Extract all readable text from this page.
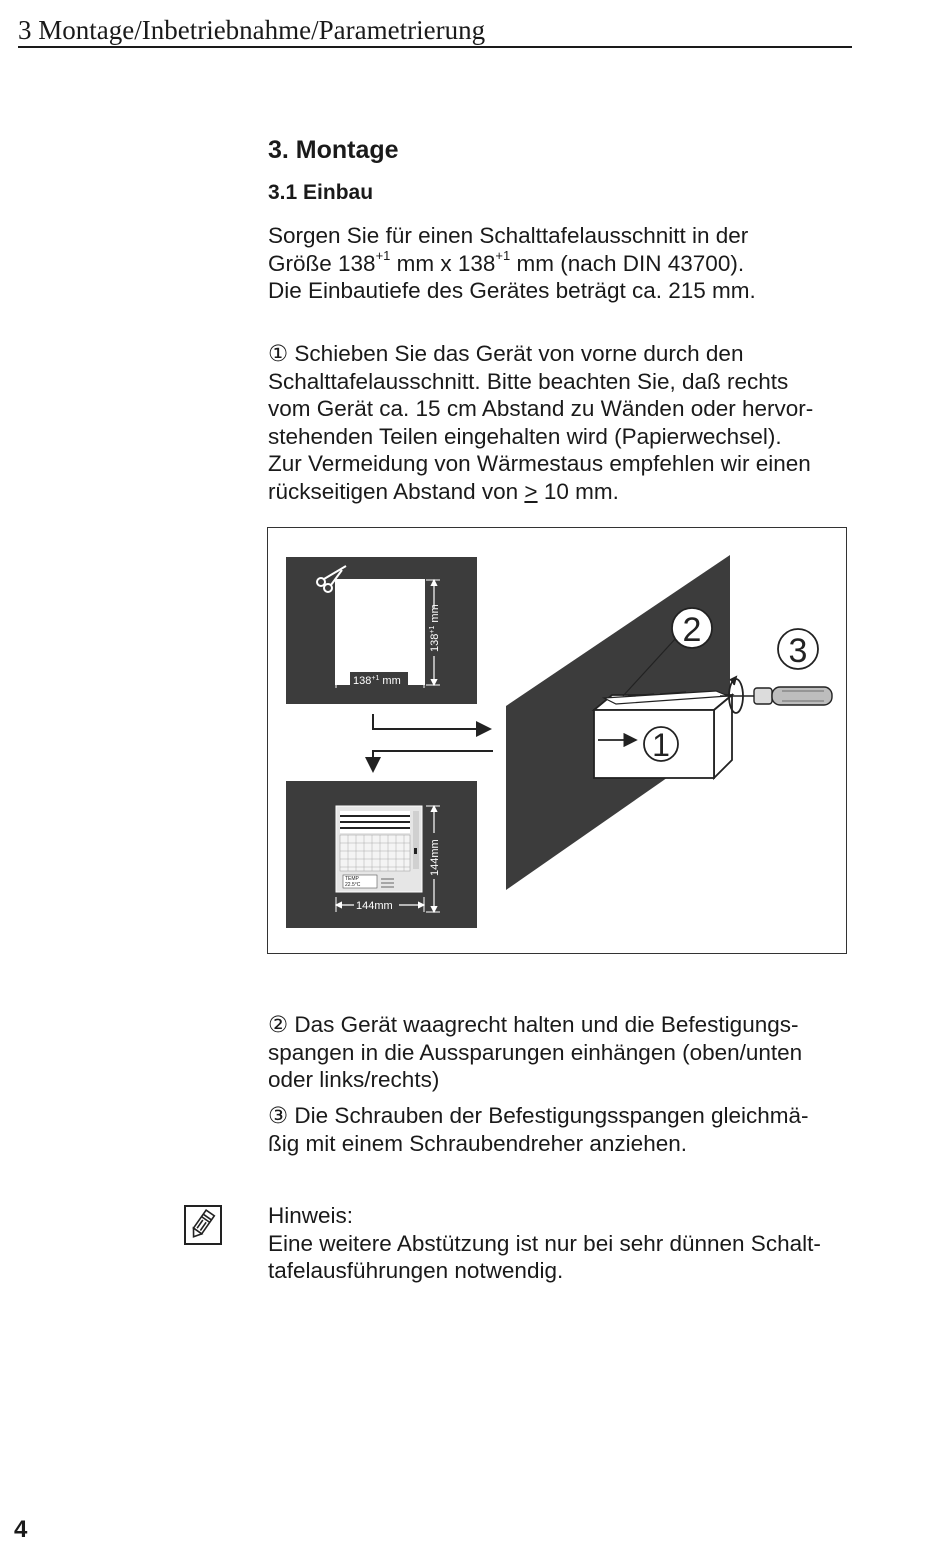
3 Montage/Inbetriebnahme/Parametrierung
3. Montage
3.1 Einbau
Sorgen Sie für einen Schalttafelausschnitt in der
Größe $138^{+1}$ mm x $138^{+1}$ mm (nach DIN 43700).
Die Einbautiefe des Gerätes beträgt ca. 215 mm.
① Schieben Sie das Gerät von vorne durch den
Schalttafelausschnitt. Bitte beachten Sie, daß rechts
vom Gerät ca. 15 cm Abstand zu Wänden oder hervor-
stehenden Teilen eingehalten wird (Papierwechsel).
Zur Vermeidung von Wärmestaus empfehlen wir einen
rückseitigen Abstand von > 10 mm.
$138^{+1}$ mm
$138^{+1}$ mm
TEMP
22.5°C
144mm
144mm
1
2
3
② Das Gerät waagrecht halten und die Befestigungs-
spangen in die Aussparungen einhängen (oben/unten
oder links/rechts)
③ Die Schrauben der Befestigungsspangen gleichmä-
ßig mit einem Schraubendreher anziehen.
Hinweis:
Eine weitere Abstützung ist nur bei sehr dünnen Schalt-
tafelausführungen notwendig.
4
